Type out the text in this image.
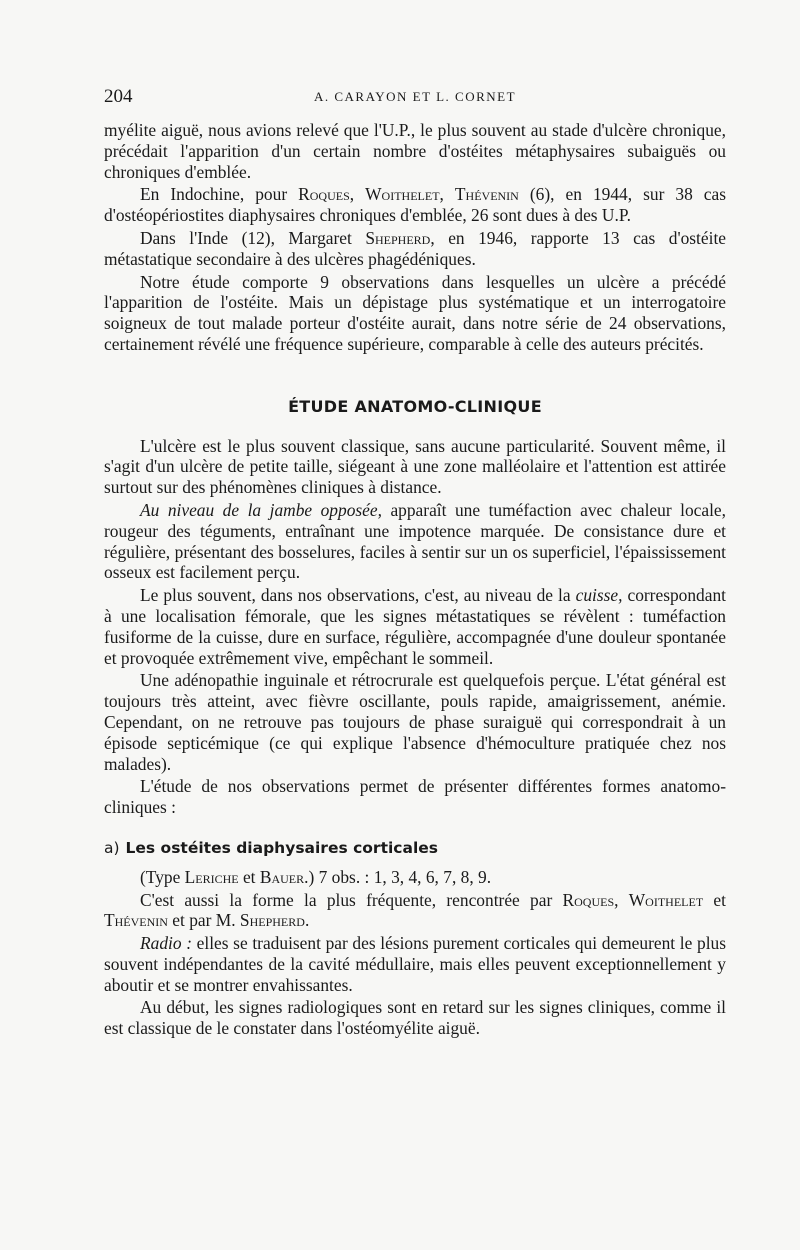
204	A. CARAYON ET L. CORNET

myélite aiguë, nous avions relevé que l'U.P., le plus souvent au stade d'ulcère chronique, précédait l'apparition d'un certain nombre d'ostéites métaphysaires subaiguës ou chroniques d'emblée.

En Indochine, pour Roques, Woithelet, Thévenin (6), en 1944, sur 38 cas d'ostéopériostites diaphysaires chroniques d'emblée, 26 sont dues à des U.P.

Dans l'Inde (12), Margaret Shepherd, en 1946, rapporte 13 cas d'ostéite métastatique secondaire à des ulcères phagédéniques.

Notre étude comporte 9 observations dans lesquelles un ulcère a précédé l'apparition de l'ostéite. Mais un dépistage plus systématique et un interrogatoire soigneux de tout malade porteur d'ostéite aurait, dans notre série de 24 observations, certainement révélé une fréquence supérieure, comparable à celle des auteurs précités.

ÉTUDE ANATOMO-CLINIQUE

L'ulcère est le plus souvent classique, sans aucune particularité. Souvent même, il s'agit d'un ulcère de petite taille, siégeant à une zone malléolaire et l'attention est attirée surtout sur des phénomènes cliniques à distance.

Au niveau de la jambe opposée, apparaît une tuméfaction avec chaleur locale, rougeur des téguments, entraînant une impotence marquée. De consistance dure et régulière, présentant des bosselures, faciles à sentir sur un os superficiel, l'épaississement osseux est facilement perçu.

Le plus souvent, dans nos observations, c'est, au niveau de la cuisse, correspondant à une localisation fémorale, que les signes métastatiques se révèlent : tuméfaction fusiforme de la cuisse, dure en surface, régulière, accompagnée d'une douleur spontanée et provoquée extrêmement vive, empêchant le sommeil.

Une adénopathie inguinale et rétrocrurale est quelquefois perçue. L'état général est toujours très atteint, avec fièvre oscillante, pouls rapide, amaigrissement, anémie. Cependant, on ne retrouve pas toujours de phase suraiguë qui correspondrait à un épisode septicémique (ce qui explique l'absence d'hémoculture pratiquée chez nos malades).

L'étude de nos observations permet de présenter différentes formes anatomo-cliniques :

a) Les ostéites diaphysaires corticales

(Type Leriche et Bauer.) 7 obs. : 1, 3, 4, 6, 7, 8, 9.

C'est aussi la forme la plus fréquente, rencontrée par Roques, Woithelet et Thévenin et par M. Shepherd.

Radio : elles se traduisent par des lésions purement corticales qui demeurent le plus souvent indépendantes de la cavité médullaire, mais elles peuvent exceptionnellement y aboutir et se montrer envahissantes.

Au début, les signes radiologiques sont en retard sur les signes cliniques, comme il est classique de le constater dans l'ostéomyélite aiguë.
